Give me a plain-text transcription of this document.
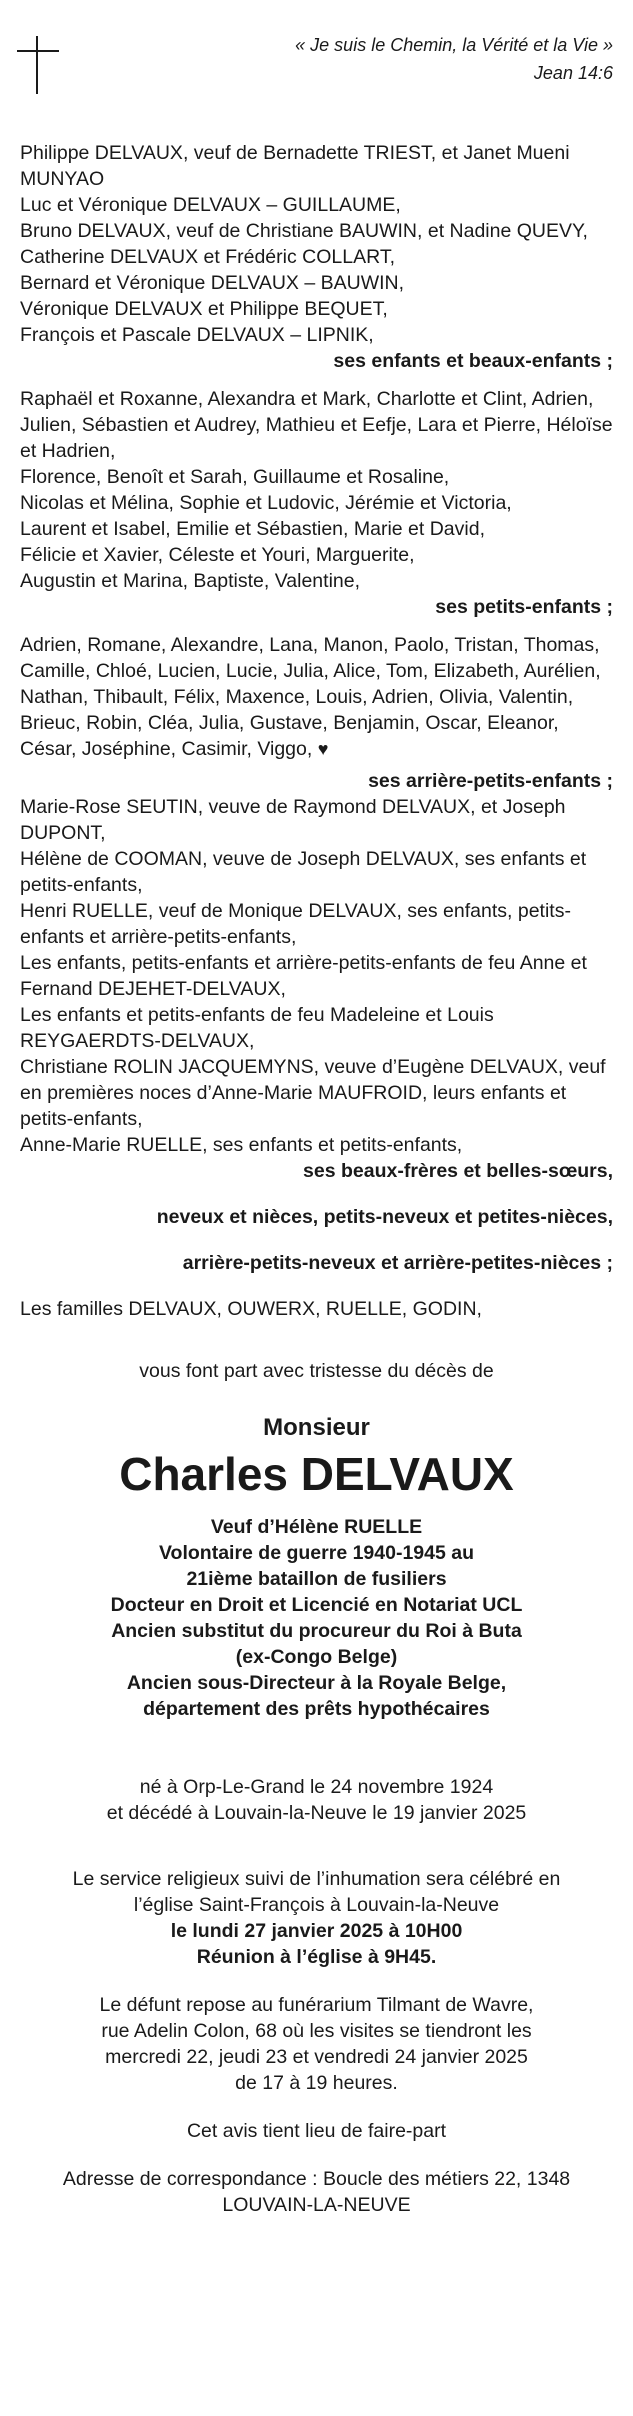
« Je suis le Chemin, la Vérité et la Vie »
Jean 14:6

Philippe DELVAUX, veuf de Bernadette TRIEST, et Janet Mueni MUNYAO

Luc et Véronique DELVAUX – GUILLAUME,

Bruno DELVAUX, veuf de Christiane BAUWIN, et Nadine QUEVY,

Catherine DELVAUX et Frédéric COLLART,

Bernard et Véronique DELVAUX – BAUWIN,

Véronique DELVAUX et Philippe BEQUET,

François et Pascale DELVAUX – LIPNIK,

ses enfants et beaux-enfants ;

Raphaël et Roxanne, Alexandra et Mark, Charlotte et Clint, Adrien,

Julien, Sébastien et Audrey, Mathieu et Eefje, Lara et Pierre, Héloïse et Hadrien,

Florence, Benoît et Sarah, Guillaume et Rosaline,

Nicolas et Mélina, Sophie et Ludovic, Jérémie et Victoria,

Laurent et Isabel, Emilie et Sébastien, Marie et David,

Félicie et Xavier, Céleste et Youri, Marguerite,

Augustin et Marina, Baptiste, Valentine,

ses petits-enfants ;

Adrien, Romane, Alexandre, Lana, Manon, Paolo, Tristan, Thomas, Camille, Chloé, Lucien, Lucie, Julia, Alice, Tom, Elizabeth, Aurélien, Nathan, Thibault, Félix, Maxence, Louis, Adrien, Olivia, Valentin, Brieuc, Robin, Cléa, Julia, Gustave, Benjamin, Oscar, Eleanor, César, Joséphine, Casimir, Viggo, ♥

ses arrière-petits-enfants ;

Marie-Rose SEUTIN, veuve de Raymond DELVAUX, et Joseph DUPONT,

Hélène de COOMAN, veuve de Joseph DELVAUX, ses enfants et petits-enfants,

Henri RUELLE, veuf de Monique DELVAUX, ses enfants, petits-enfants et arrière-petits-enfants,

Les enfants, petits-enfants et arrière-petits-enfants de feu Anne et Fernand DEJEHET-DELVAUX,

Les enfants et petits-enfants de feu Madeleine et Louis REYGAERDTS-DELVAUX,

Christiane ROLIN JACQUEMYNS, veuve d’Eugène DELVAUX, veuf en premières noces d’Anne-Marie MAUFROID, leurs enfants et petits-enfants,

Anne-Marie RUELLE, ses enfants et petits-enfants,

ses beaux-frères et belles-sœurs,

neveux et nièces, petits-neveux et petites-nièces,

arrière-petits-neveux et arrière-petites-nièces ;

Les familles DELVAUX, OUWERX, RUELLE, GODIN,

vous font part avec tristesse du décès de

Monsieur

Charles DELVAUX

Veuf d’Hélène RUELLE

Volontaire de guerre 1940-1945 au

21ième bataillon de fusiliers

Docteur en Droit et Licencié en Notariat UCL

Ancien substitut du procureur du Roi à Buta

(ex-Congo Belge)

Ancien sous-Directeur à la Royale Belge,

département des prêts hypothécaires

né à Orp-Le-Grand le 24 novembre 1924

et décédé à Louvain-la-Neuve le 19 janvier 2025

Le service religieux suivi de l’inhumation sera célébré en

l’église Saint-François à Louvain-la-Neuve

le lundi 27 janvier 2025 à 10H00

Réunion à l’église à 9H45.

Le défunt repose au funérarium Tilmant de Wavre,

rue Adelin Colon, 68 où les visites se tiendront les

mercredi 22, jeudi 23 et vendredi 24 janvier 2025

de 17 à 19 heures.

Cet avis tient lieu de faire-part

Adresse de correspondance : Boucle des métiers 22, 1348

LOUVAIN-LA-NEUVE
